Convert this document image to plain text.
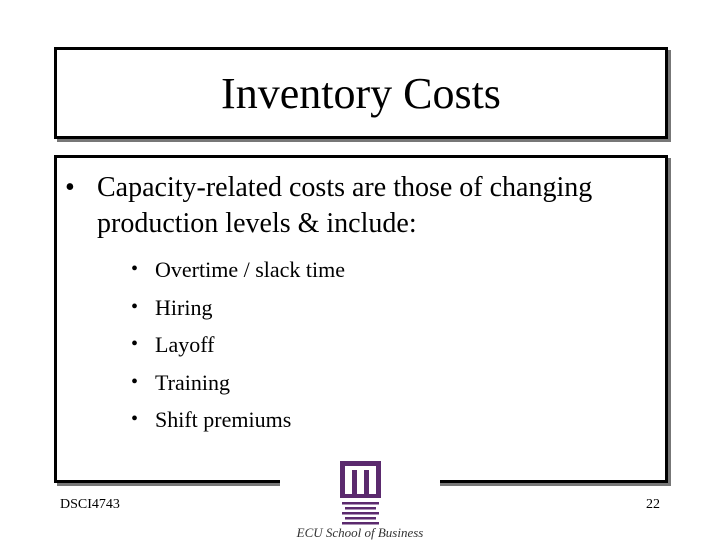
Inventory Costs
• Capacity-related costs are those of changing production levels & include:
• Overtime / slack time
• Hiring
• Layoff
• Training
• Shift premiums
DSCI4743	22
ECU School of Business
